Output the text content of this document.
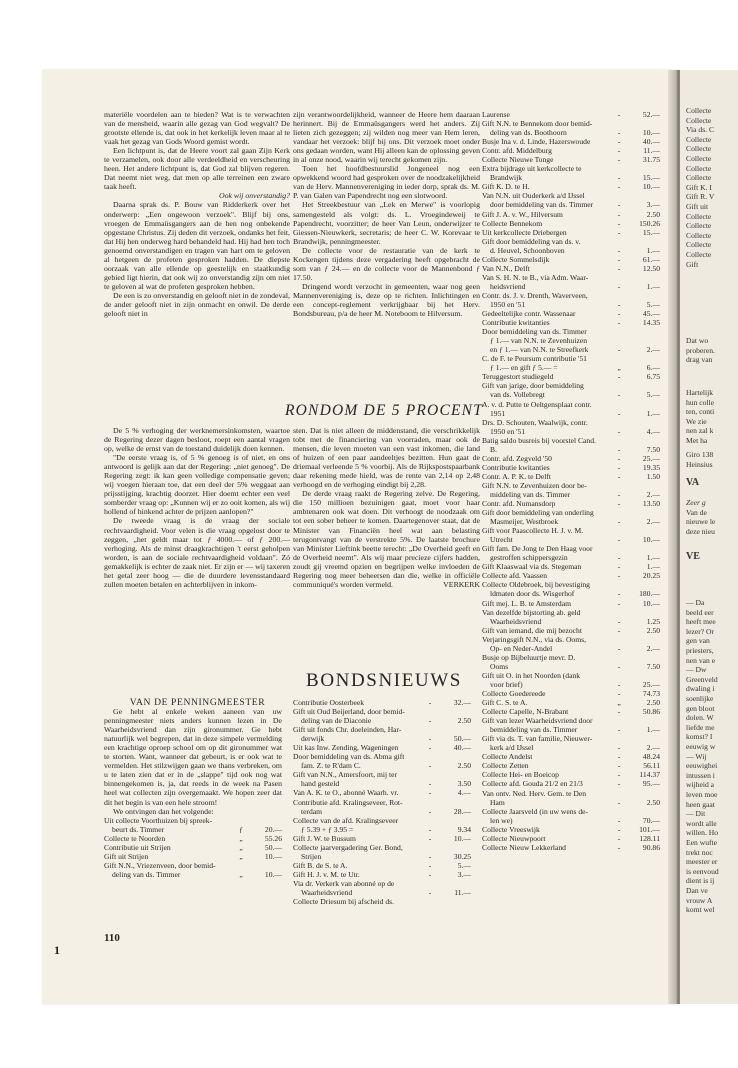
Collecte
Collecte
Via ds. C
Collecte
Collecte
Collecte
Collecte
Collecte
Gift K. I
Gift R. V
Gift uit
Collecte
Collecte
Collecte
Collecte
Collecte
Gift
Dat wo
proberen.
drag van
Hartelijk
hun colle
ten, conti
We zie
nen zal k
Met ha
Giro 138
Heinsius
VA
Zeer g
Van de
nieuwe le
deze nieu
VE
— Da
beeld eer
heeft mee
lezer? Or
gen van
priesters,
nen van e
— Dw
Greenveld
dwaling i
soenlijke
gen bloot
dolen. W
liefde me
komst? I
eeuwig w
— Wij
eeuwighei
intussen i
wijheid a
leven moe
heen gaat
— Dit
wordt alle
willen. Ho
Een wufte
trekt noc
meester er
is eenvoud
dient is ij
Dan ve
vrouw A
komt wel

materiële voordelen aan te bieden? Wat is te verwachten van de mensheid, waarin alle gezag van God wegvalt? De grootste ellende is, dat ook in het kerkelijk leven maar al te vaak het gezag van Gods Woord gemist wordt.

Een lichtpunt is, dat de Heere voort zal gaan Zijn Kerk te verzamelen, ook door alle verdeeldheid en verscheuring heen. Het andere lichtpunt is, dat God zal blijven regeren. Dat neemt niet weg, dat men op alle terreinen een zware taak heeft.

Ook wij onverstandig?

Daarna sprak ds. P. Bouw van Ridderkerk over het onderwerp: „Een ongewoon verzoek". Blijf bij ons, vroegen de Emmaüsgangers aan de hen nog onbekende opgestane Christus. Zij deden dit verzoek, ondanks het feit, dat Hij hen onderweg hard behandeld had. Hij had hen toch genoemd onverstandigen en tragen van hart om te geloven al hetgeen de profeten gesproken hadden. De diepste oorzaak van alle ellende op geestelijk en staatkundig gebied ligt hierin, dat ook wij zo onverstandig zijn om niet te geloven al wat de profeten gesproken hebben.

De een is zo onverstandig en gelooft niet in de zondeval, de ander gelooft niet in zijn onmacht en onwil. De derde gelooft niet in

zijn verantwoordelijkheid, wanneer de Heere hem daaraan herinnert. Bij de Emmaüsgangers werd het anders. Zij lieten zich gezeggen; zij wilden nog meer van Hem leren, vandaar het verzoek: blijf bij ons. Dit verzoek moet onder ons gedaan worden, want Hij alleen kan de oplossing geven in al onze nood, waarin wij terecht gekomen zijn.

Toen het hoofdbestuurslid Jongeneel nog een opwekkend woord had gesproken over de noodzakelijkheid van de Herv. Mannenvereniging in ieder dorp, sprak ds. M. P. van Galen van Papendrecht nog een slotwoord.

Het Streekbestuur van „Lek en Merwe" is voorlopig samengesteld als volgt: ds. L. Vroegindeweij te Papendrecht, voorzitter; de heer Van Leun, onderwijzer te Giessen-Nieuwkerk, secretaris; de heer C. W. Korevaar te Brandwijk, penningmeester.

De collecte voor de restauratie van de kerk te Kockengen tijdens deze vergadering heeft opgebracht de som van ƒ 24.— en de collecte voor de Mannenbond ƒ 17.50.

Dringend wordt verzocht in gemeenten, waar nog geen Mannenvereniging is, deze op te richten. Inlichtingen en een concept-reglement verkrijgbaar bij het Herv. Bondsbureau, p/a de heer M. Noteboom te Hilversum.

RONDOM DE 5 PROCENT

De 5 % verhoging der werknemersinkomsten, waartoe de Regering dezer dagen besloot, roept een aantal vragen op, welke de ernst van de toestand duidelijk doen kennen.

"De eerste vraag is, of 5 % genoeg is of niet, en ons antwoord is gelijk aan dat der Regering: „niet genoeg". De Regering zegt: ik kan geen volledige compensatie geven; wij voegen hieraan toe, dat een deel der 5% weggaat aan prijsstijging, krachtig doorzet. Hier doemt echter een veel somberder vraag op: „Kunnen wij er zo ooit komen, als wij hollend of hinkend achter de prijzen aanlopen?"

De tweede vraag is de vraag der sociale rechtvaardigheid. Voor velen is die vraag opgelost door te zeggen, „het geldt maar tot ƒ 4000.— of ƒ 200.— verhoging. Als de minst draagkrachtigen 't eerst geholpen worden, is aan de sociale rechtvaardigheid voldaan". Zó gemakkelijk is echter de zaak niet. Er zijn er — wij taxeren het getal zeer hoog — die de duurdere levensstandaard zullen moeten betalen en achterblijven in inkom-

sten. Dat is niet alleen de middenstand, die verschrikkelijk tobt met de financiering van voorraden, maar ook de mensen, die leven moeten van een vast inkomen, die land of huizen of een paar aandeeltjes bezitten. Hun gaat de driemaal verleende 5 % voorbij. Als de Rijkspostspaarbank daar rekening mede hield, was de rente van 2,14 op 2,48 verhoogd en de verhoging eindigt bij 2,28.

De derde vraag raakt de Regering zelve. De Regering, die 150 millioen bezuinigen gaat, moet voor haar ambtenaren ook wat doen. Dit verhoogt de noodzaak om tot een sober beheer te komen. Daartegenover staat, dat de Minister van Financiën heel wat aan belasting terugontvangt van de verstrekte 5%. De laatste brochure van Minister Lieftink beette terecht: „De Overheid geeft en de Overheid neemt". Als wij maar precieze cijfers hadden, zoudt gij vreemd opzien en begrijpen welke invloeden de Regering nog meer beheersen dan die, welke in officiële communiqué's worden vermeld.	VERKERK

BONDSNIEUWS

VAN DE PENNINGMEESTER

Ge hebt al enkele weken aaneen van uw penningmeester niets anders kunnen lezen in De Waarheidsvriend dan zijn gironummer. Ge hebt natuurlijk wel begrepen, dat in deze simpele vermelding een krachtige oproep school om op dit gironummer wat te storten. Want, wanneer dat gebeurt, is er ook wat te vermelden. Het stilzwijgen gaan we thans verbreken, om u te laten zien dat er in de „slappe" tijd ook nog wat binnengekomen is, ja, dat reeds in de week na Pasen heel wat collecten zijn overgemaakt. We hopen zeer dat dit het begin is van een hele stroom!

We ontvingen dan het volgende:

Uit collecte Voorthuizen bij spreek-
beurt ds. Timmer	ƒ	20.—
Collecte te Noorden	„	55.26
Contributie uit Strijen	„	50.—
Gift uit Strijen	„	10.—
Gift N.N., Vriezenveen, door bemid-
deling van ds. Timmer	„	10.—
Contributie Oosterbeek	-	32.—
Gift uit Oud Beijerland, door bemid-
deling van de Diaconie	-	2.50
Gift uit fonds Chr. doeleinden, Har-
derwijk	-	50.—
Uit kas Inw. Zending, Wageningen	-	40.—
Door bemiddeling van ds. Abma gift
fam. Z. te R'dam C.	-	2.50
Gift van N.N., Amersfoort, mij ter
hand gesteld	-	3.50
Van A. K. te O., abonné Waarh. vr.	-	4.—
Contributie afd. Kralingseveer, Rot-
terdam	-	28.—
Collecte van de afd. Kralingseveer
ƒ 5.39 + ƒ 3.95 =	-	9.34
Gift J. W. te Bussum	-	10.—
Collecte jaarvergadering Ger. Bond,
Strijen	-	30.25
Gift B. de S. te A.	-	5.—
Gift H. J. v. M. te Utr.	-	3.—
Via dr. Verkerk van abonné op de
Waarheidsvriend	-	11.—
Collecte Driesum bij afscheid ds.
Laurense	-	52.—
Gift N.N. te Bennekom door bemid-
deling van ds. Boothoorn	-	10.—
Busje Ina v. d. Linde, Hazerswoude	-	40.—
Contr. afd. Middelburg	-	11.—
Collecte Nieuwe Tonge	-	31.75
Extra bijdrage uit kerkcollecte te
Brandwijk	-	15.—
Gift K. D. te H.	-	10.—
Van N.N. uit Ouderkerk a/d IJssel
door bemiddeling van ds. Timmer	-	3.—
Gift J. A. v. W., Hilversum	-	2.50
Collecte Bennekom	-	150.26
Uit kerkcollecte Driebergen	-	15.—
Gift door bemiddeling van ds. v.
d. Heuvel, Schoonhoven	-	1.—
Collecte Sommelsdijk	-	61.—
Van N.N., Delft	-	12.50
Van S. H. N. te B., via Adm. Waar-
heidsvriend	-	1.—
Contr. ds. J. v. Drenth, Waverveen,
1950 en '51	-	5.—
Gedeeltelijke contr. Wassenaar	-	45.—
Contributie kwitanties	-	14.35
Door bemiddeling van ds. Timmer
ƒ 1.— van N.N. te Zevenhuizen
en ƒ 1.— van N.N. te Streefkerk	-	2.—
C. de F. te Peursum contributie '51
ƒ 1.— en gift ƒ 5.— =	„	6.—
Teruggestort studiegeld	-	6.75
Gift van jarige, door bemiddeling
van ds. Vollebregt	-	5.—
A. v. d. Putte te Oeltgensplaat contr.
1951	-	1.—
Drs. D. Schouten, Waalwijk, contr.
1950 en '51	-	4.—
Batig saldo busreis bij voorstel Cand.
B.	-	7.50
Contr. afd. Zegveld '50	-	25.—
Contributie kwitanties	-	19.35
Contr. A. P. K. te Delft	-	1.50
Gift N.N. te Zevenhuizen door be-
middeling van ds. Timmer	-	2.—
Contr. afd. Numansdorp	-	13.50
Gift door bemiddeling van onderling
Masmeijer, Westbroek	-	2.—
Gift voor Paascollecte H. J. v. M.
Utrecht	-	10.—
Gift fam. De Jong te Den Haag voor
gestroffen schippersgezin	-	1.—
Gift Klaaswaal via ds. Stegeman	-	1.—
Collecte afd. Vaassen	-	20.25
Collecte Oldebroek, bij bevestiging
ldmaten door ds. Wisgerhof	-	180.—
Gift mej. L. B. te Amsterdam	-	10.—
Van dezelfde bijstorting ab. geld
Waarheidsvriend	-	1.25
Gift van iemand, die mij bezocht	-	2.50
Verjaringsgift N.N., via ds. Ooms,
Op- en Neder-Andel	-	2.—
Busje op Bijbeluurtje mevr. D.
Ooms	-	7.50
Gift uit O. in het Noorden (dank
voor brief)	-	25.—
Collecte Goedereede	-	74.73
Gift C. S. te A.	„	2.50
Collecte Capelle, N-Brabant	-	50.86
Gift van lezer Waarheidsvriend door
bemiddeling van ds. Timmer	-	1.—
Gift via ds. T. van familie, Nieuwer-
kerk a/d IJssel	-	2.—
Collecte Andelst	-	48.24
Collecte Zetten	-	56.11
Collecte Hei- en Boeicop	-	114.37
Collecte afd. Gouda 21/2 en 21/3	-	95.—
Van ontv. Ned. Herv. Gem. te Den
Ham	-	2.50
Collecte Jaarsveld (in uw wens de-
len we)	-	70.—
Collecte Vreeswijk	-	101.—
Collecte Nieuwpoort	-	128.11
Collecte Nieuw Lekkerland	-	90.86
110
1
